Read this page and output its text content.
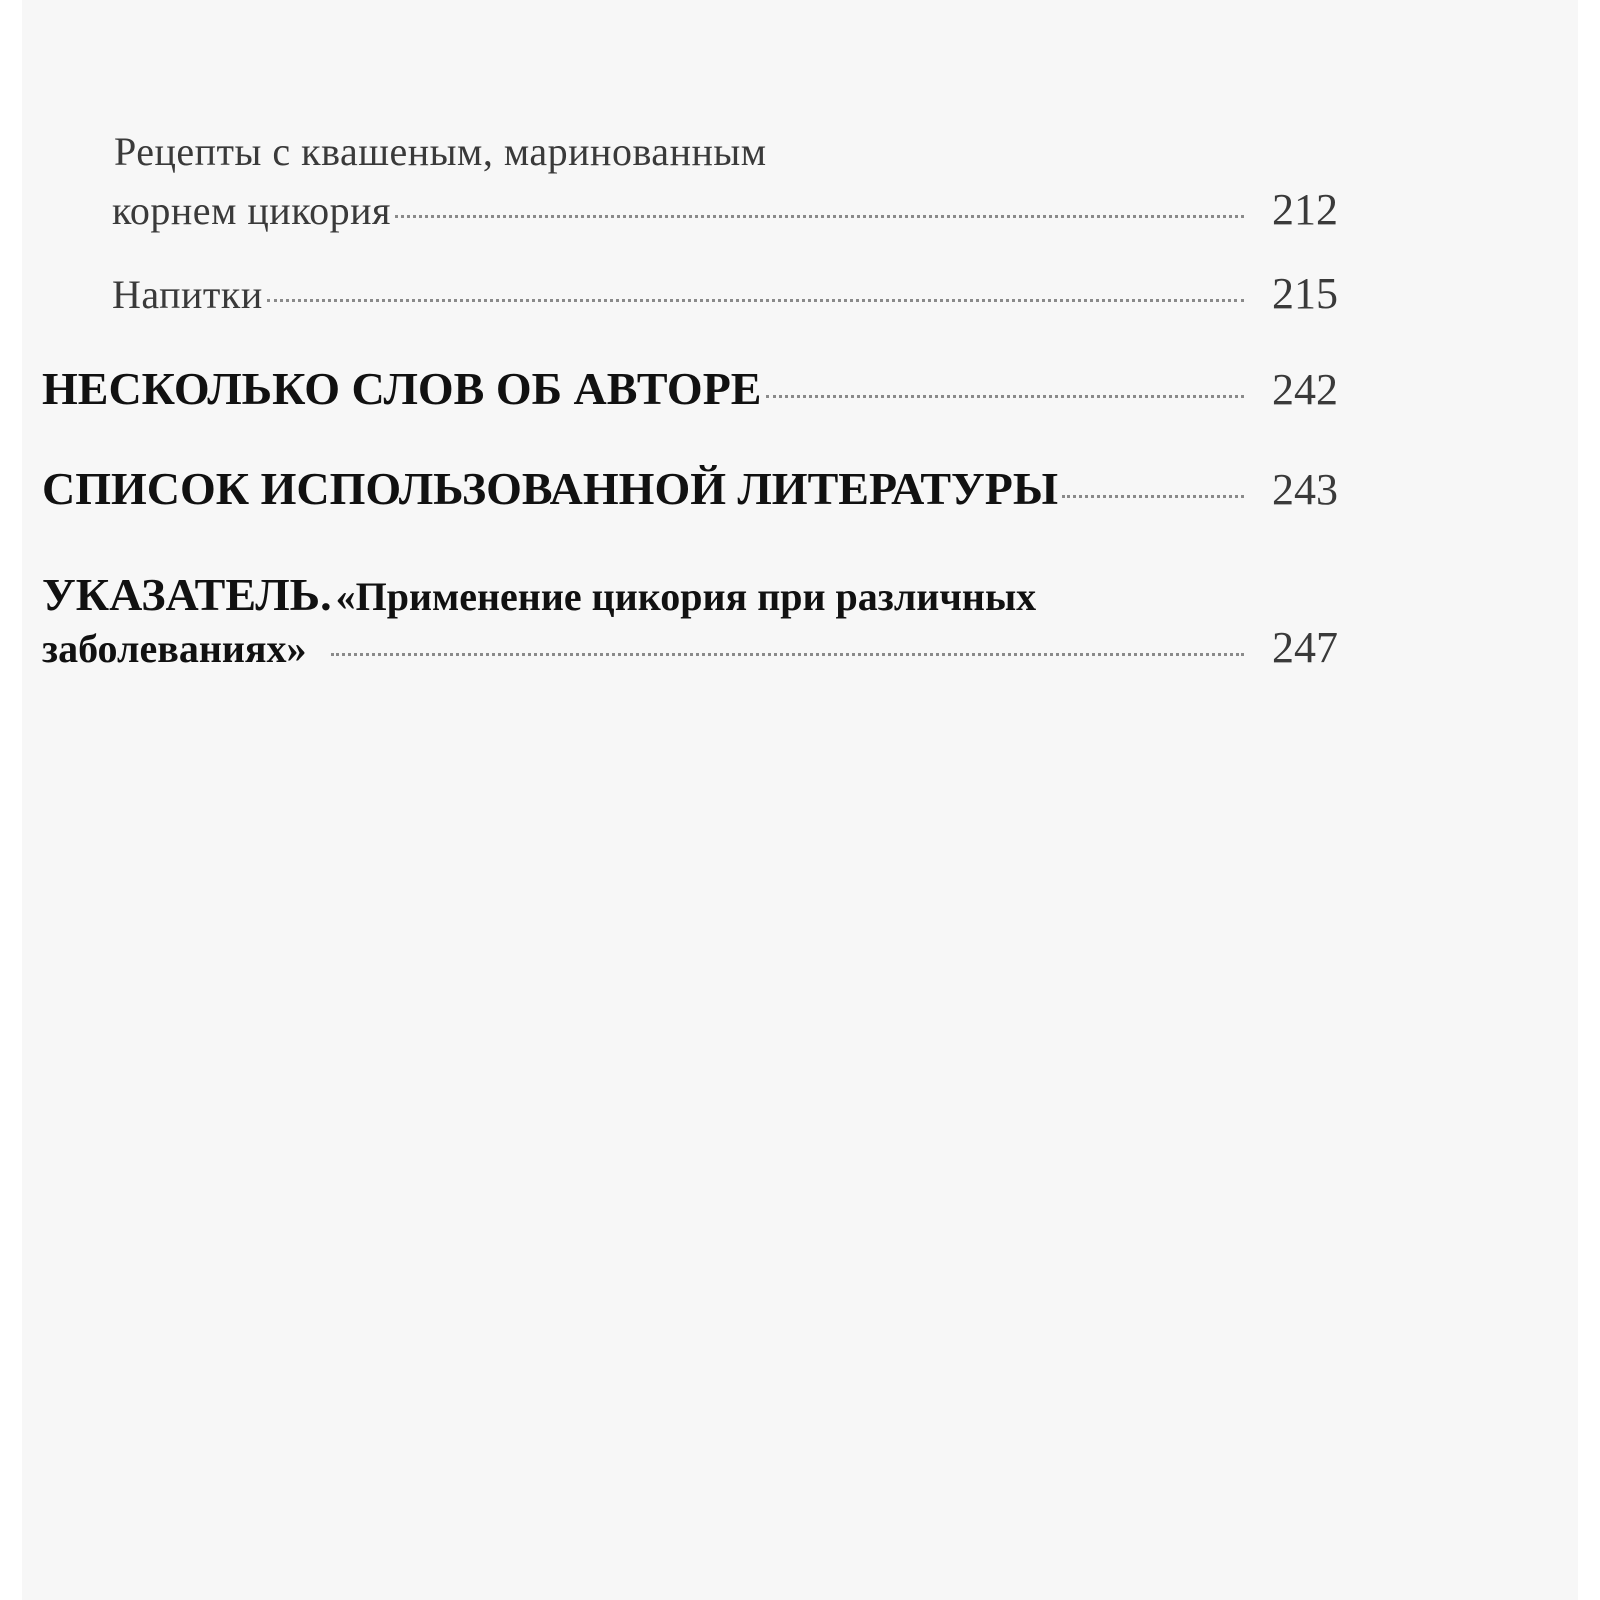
Рецепты с квашеным, маринованным
корнем цикория	212
Напитки	215
НЕСКОЛЬКО СЛОВ ОБ АВТОРЕ	242
СПИСОК ИСПОЛЬЗОВАННОЙ ЛИТЕРАТУРЫ	243
УКАЗАТЕЛЬ. «Применение цикория при различных
заболеваниях»	247
